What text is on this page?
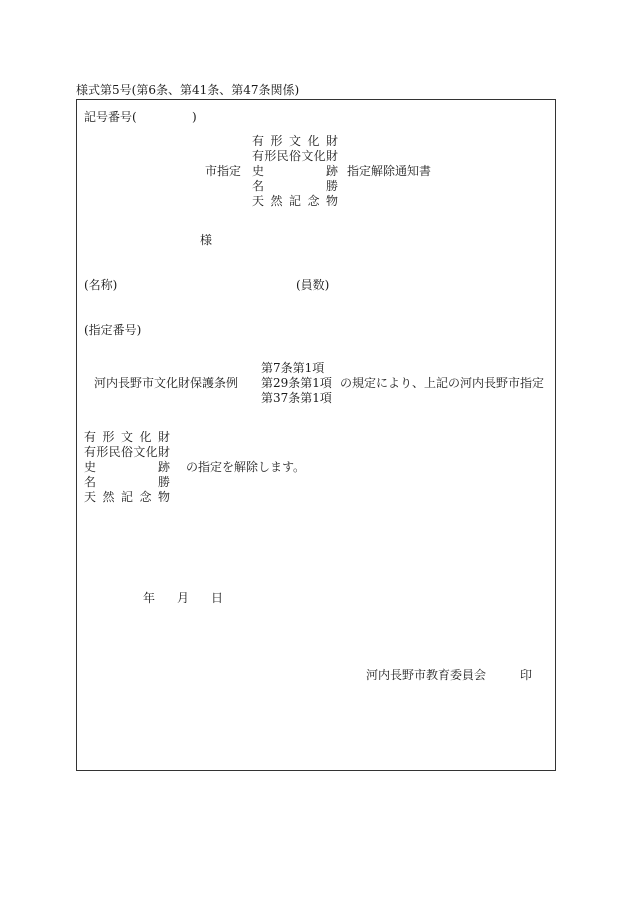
様式第5号(第6条、第41条、第47条関係)
記号番号(	)
市指定
有形文化財
有形民俗文化財
史跡
名勝
天然記念物
指定解除通知書
様
(名称)	(員数)
(指定番号)
河内長野市文化財保護条例
第7条第1項
第29条第1項
第37条第1項
の規定により、上記の河内長野市指定
有形文化財
有形民俗文化財
史跡
名勝
天然記念物
の指定を解除します。
年 月 日
河内長野市教育委員会	印
